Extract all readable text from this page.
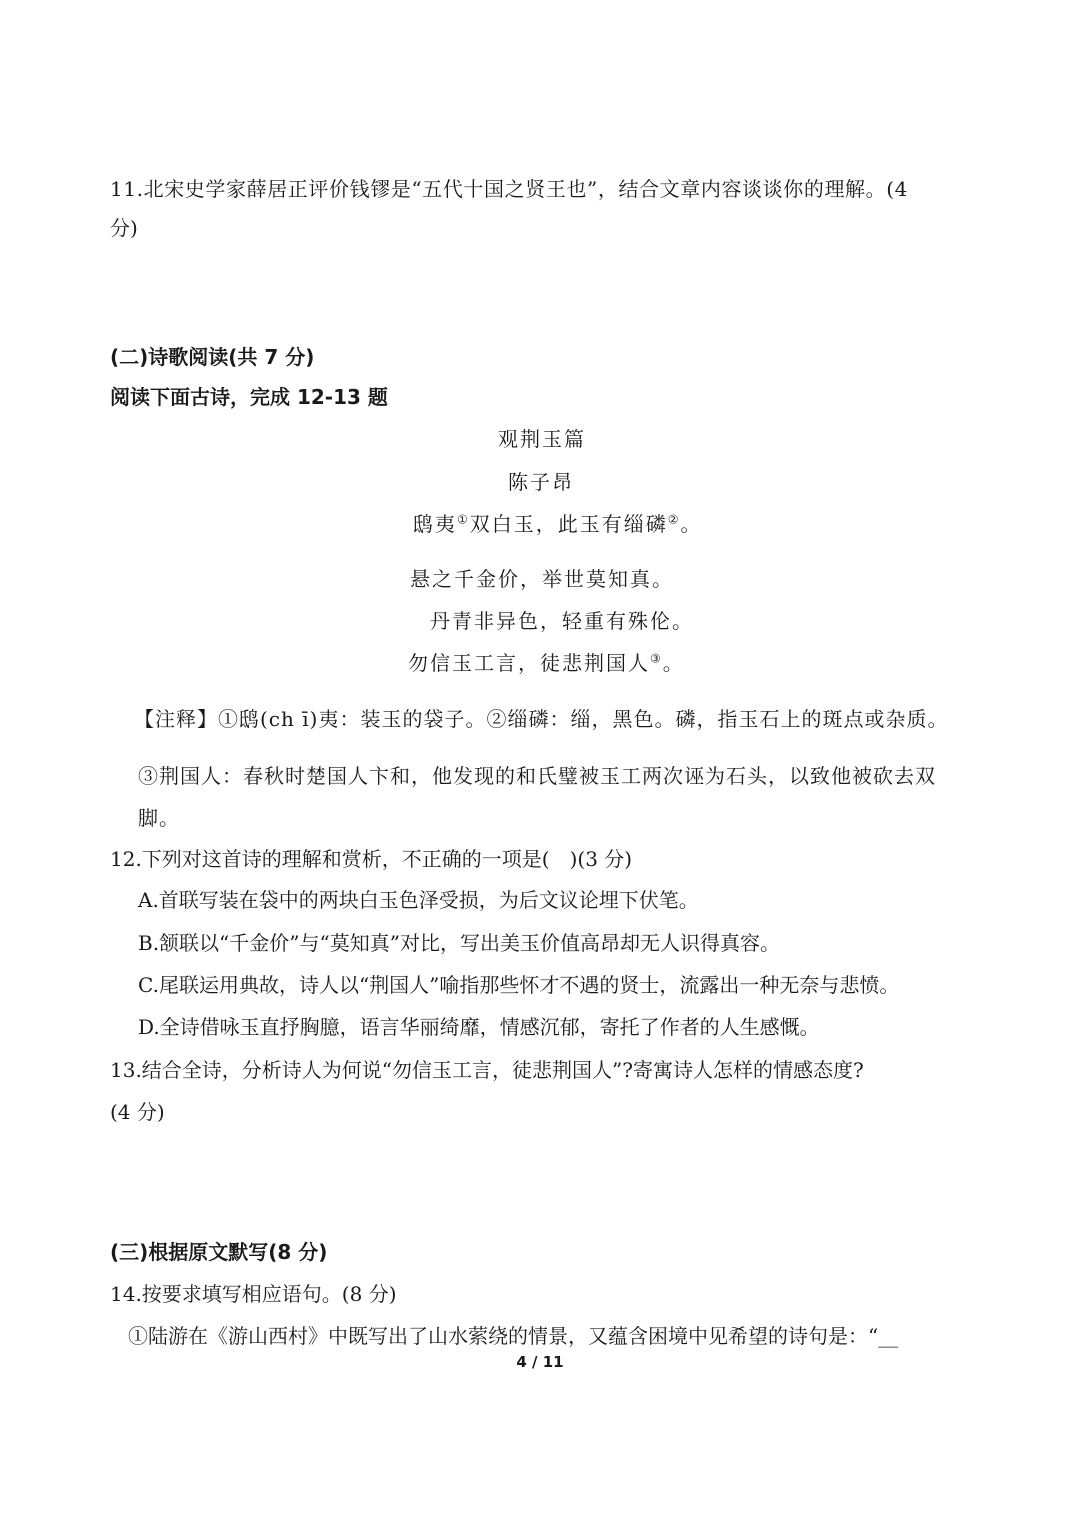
11.北宋史学家薛居正评价钱镠是“五代十国之贤王也”，结合文章内容谈谈你的理解。(4
分)
(二)诗歌阅读(共 7 分)
阅读下面古诗，完成 12-13 题
观荆玉篇
陈子昂
鸱夷①双白玉，此玉有缁磷②。
悬之千金价，举世莫知真。
丹青非异色，轻重有殊伦。
勿信玉工言，徒悲荆国人③。
【注释】①鸱(ch ī)夷：装玉的袋子。②缁磷：缁，黑色。磷，指玉石上的斑点或杂质。
③荆国人：春秋时楚国人卞和，他发现的和氏璧被玉工两次诬为石头，以致他被砍去双
脚。
12.下列对这首诗的理解和赏析，不正确的一项是(　)(3 分)
A.首联写装在袋中的两块白玉色泽受损，为后文议论埋下伏笔。
B.颔联以“千金价”与“莫知真”对比，写出美玉价值高昂却无人识得真容。
C.尾联运用典故，诗人以“荆国人”喻指那些怀才不遇的贤士，流露出一种无奈与悲愤。
D.全诗借咏玉直抒胸臆，语言华丽绮靡，情感沉郁，寄托了作者的人生感慨。
13.结合全诗，分析诗人为何说“勿信玉工言，徒悲荆国人”?寄寓诗人怎样的情感态度?
(4 分)
(三)根据原文默写(8 分)
14.按要求填写相应语句。(8 分)
①陆游在《游山西村》中既写出了山水萦绕的情景，又蕴含困境中见希望的诗句是：“__
4 / 11
